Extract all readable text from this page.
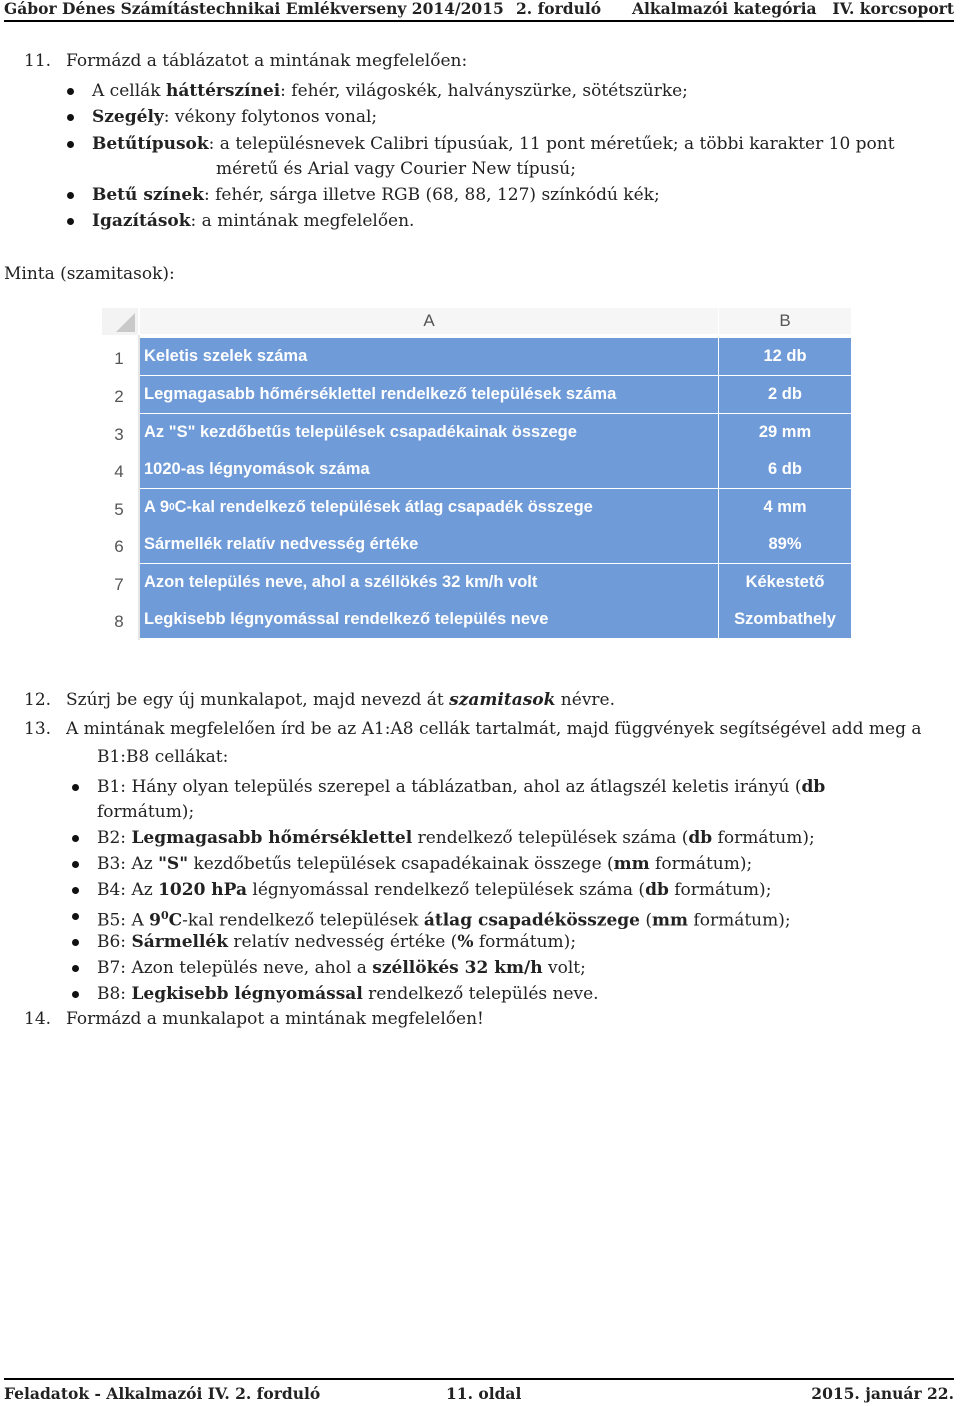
Gábor Dénes Számítástechnikai Emlékverseny 2014/2015 2. forduló Alkalmazói kategória IV. korcsoport
11. Formázd a táblázatot a mintának megfelelően:
A cellák háttérszínei: fehér, világoskék, halványszürke, sötétszürke;
Szegély: vékony folytonos vonal;
Betűtípusok: a településnevek Calibri típusúak, 11 pont méretűek; a többi karakter 10 pont
méretű és Arial vagy Courier New típusú;
Betű színek: fehér, sárga illetve RGB (68, 88, 127) színkódú kék;
Igazítások: a mintának megfelelően.
Minta (szamitasok):
A	B
1	Keletis szelek száma	12 db
2	Legmagasabb hőmérséklettel rendelkező települések száma	2 db
3	Az "S" kezdőbetűs települések csapadékainak összege	29 mm
4	1020-as légnyomások száma	6 db
5	A 9 0 C-kal rendelkező települések átlag csapadék összege	4 mm
6	Sármellék relatív nedvesség értéke	89%
7	Azon település neve, ahol a széllökés 32 km/h volt	Kékestető
8	Legkisebb légnyomással rendelkező település neve	Szombathely
12. Szúrj be egy új munkalapot, majd nevezd át szamitasok névre.
13. A mintának megfelelően írd be az A1:A8 cellák tartalmát, majd függvények segítségével add meg a
B1:B8 cellákat:
B1: Hány olyan település szerepel a táblázatban, ahol az átlagszél keletis irányú (db
formátum);
B2: Legmagasabb hőmérséklettel rendelkező települések száma (db formátum);
B3: Az "S" kezdőbetűs települések csapadékainak összege (mm formátum);
B4: Az 1020 hPa légnyomással rendelkező települések száma (db formátum);
B5: A $9^0C$-kal rendelkező települések átlag csapadékösszege (mm formátum);
B6: Sármellék relatív nedvesség értéke (% formátum);
B7: Azon település neve, ahol a széllökés 32 km/h volt;
B8: Legkisebb légnyomással rendelkező település neve.
14. Formázd a munkalapot a mintának megfelelően!
Feladatok - Alkalmazói IV. 2. forduló	11. oldal	2015. január 22.
